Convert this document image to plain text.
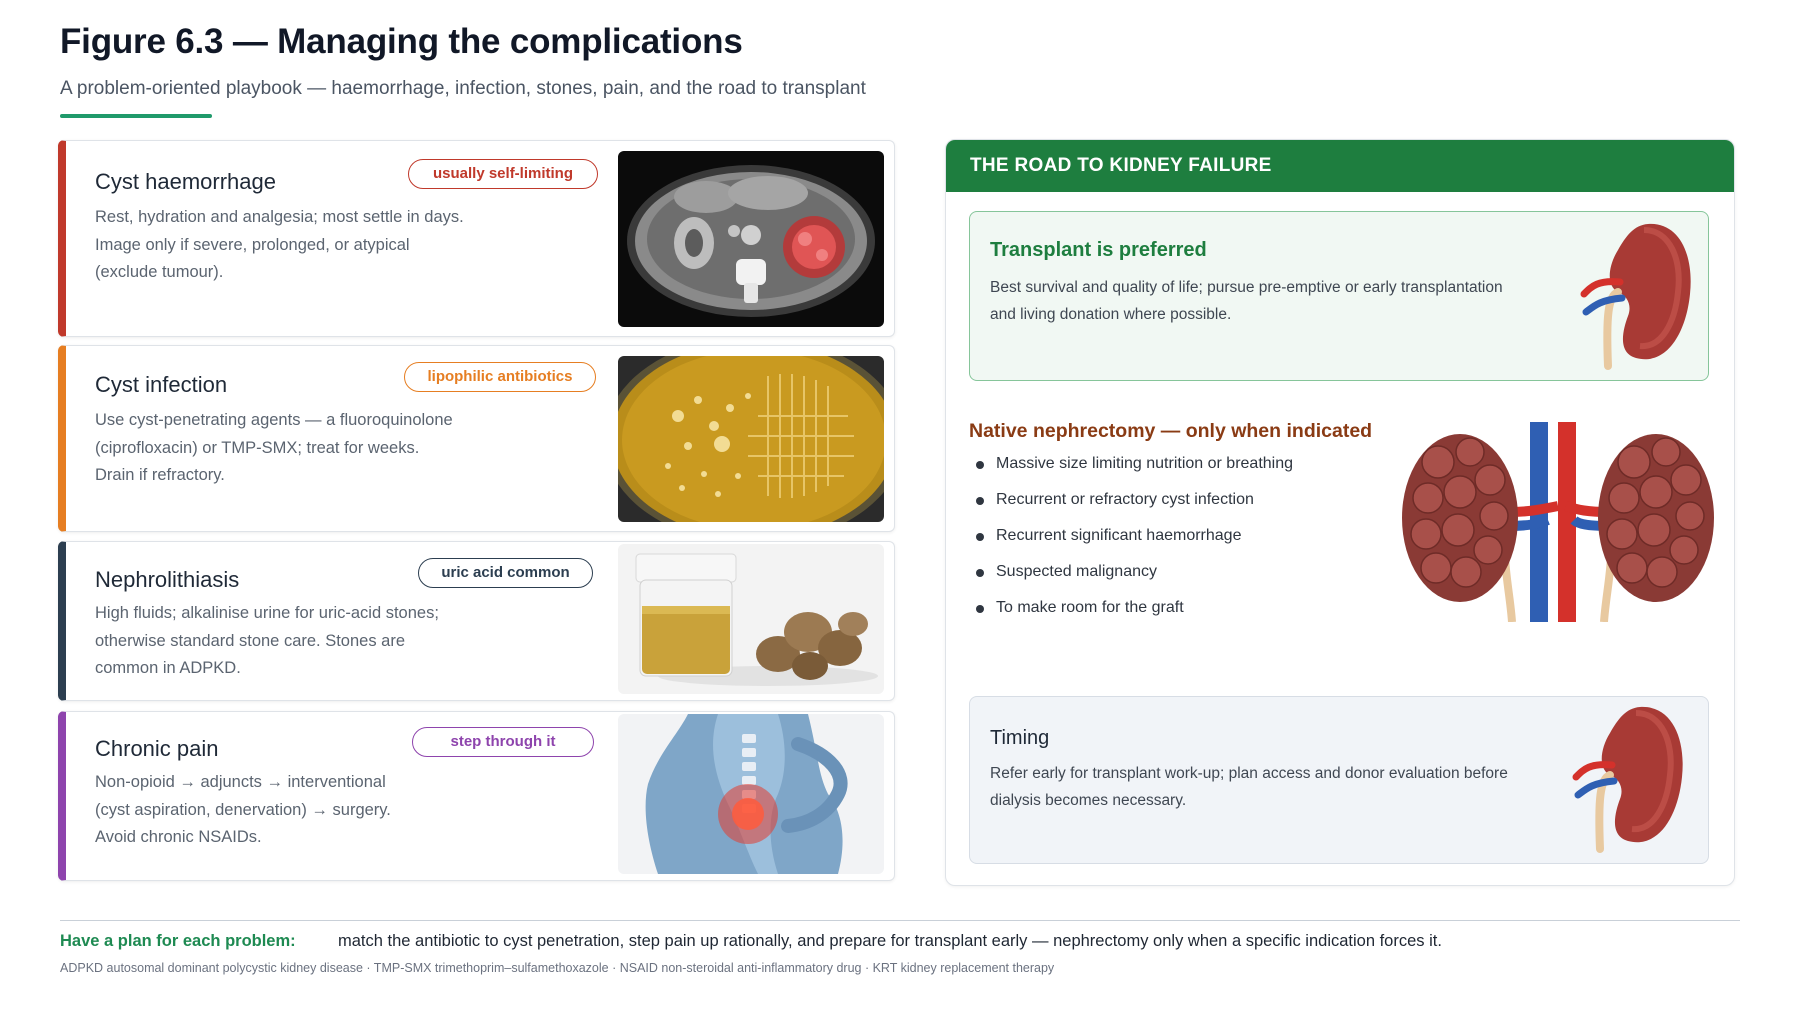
Figure 6.3 — Managing the complications
A problem-oriented playbook — haemorrhage, infection, stones, pain, and the road to transplant
Cyst haemorrhage	usually self-limiting
Rest, hydration and analgesia; most settle in days.
Image only if severe, prolonged, or atypical
(exclude tumour).
Cyst infection	lipophilic antibiotics
Use cyst-penetrating agents — a fluoroquinolone
(ciprofloxacin) or TMP-SMX; treat for weeks.
Drain if refractory.
Nephrolithiasis	uric acid common
High fluids; alkalinise urine for uric-acid stones;
otherwise standard stone care. Stones are
common in ADPKD.
Chronic pain	step through it
Non-opioid → adjuncts → interventional
(cyst aspiration, denervation) → surgery.
Avoid chronic NSAIDs.
THE ROAD TO KIDNEY FAILURE
Transplant is preferred
Best survival and quality of life; pursue pre-emptive or early transplantation
and living donation where possible.
Native nephrectomy — only when indicated
Massive size limiting nutrition or breathing
Recurrent or refractory cyst infection
Recurrent significant haemorrhage
Suspected malignancy
To make room for the graft
Timing
Refer early for transplant work-up; plan access and donor evaluation before
dialysis becomes necessary.
Have a plan for each problem:	match the antibiotic to cyst penetration, step pain up rationally, and prepare for transplant early — nephrectomy only when a specific indication forces it.
ADPKD autosomal dominant polycystic kidney disease · TMP-SMX trimethoprim–sulfamethoxazole · NSAID non-steroidal anti-inflammatory drug · KRT kidney replacement therapy
